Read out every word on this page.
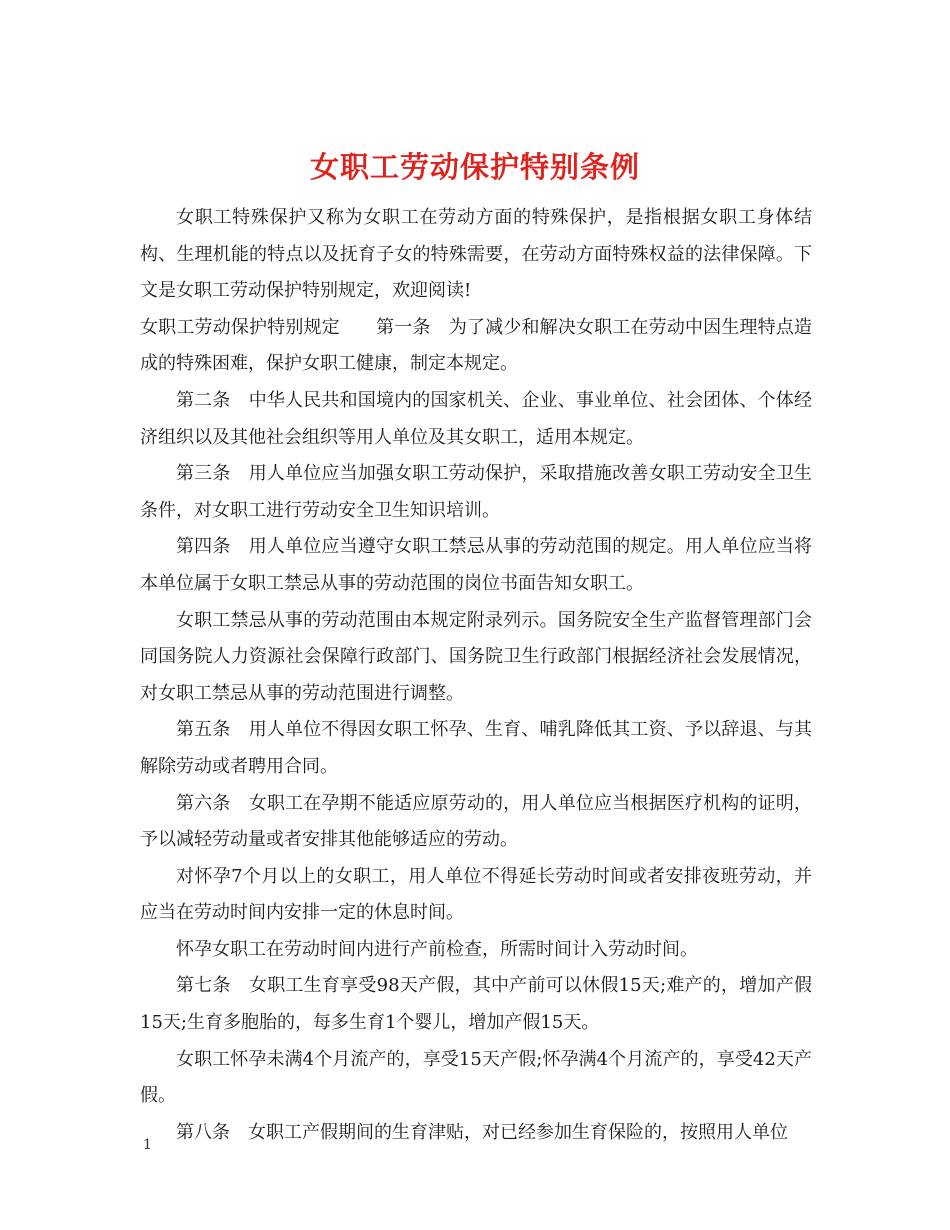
女职工劳动保护特别条例

女职工特殊保护又称为女职工在劳动方面的特殊保护，是指根据女职工身体结构、生理机能的特点以及抚育子女的特殊需要，在劳动方面特殊权益的法律保障。下文是女职工劳动保护特别规定，欢迎阅读!

女职工劳动保护特别规定　　第一条　为了减少和解决女职工在劳动中因生理特点造成的特殊困难，保护女职工健康，制定本规定。

第二条　中华人民共和国境内的国家机关、企业、事业单位、社会团体、个体经济组织以及其他社会组织等用人单位及其女职工，适用本规定。

第三条　用人单位应当加强女职工劳动保护，采取措施改善女职工劳动安全卫生条件，对女职工进行劳动安全卫生知识培训。

第四条　用人单位应当遵守女职工禁忌从事的劳动范围的规定。用人单位应当将本单位属于女职工禁忌从事的劳动范围的岗位书面告知女职工。

女职工禁忌从事的劳动范围由本规定附录列示。国务院安全生产监督管理部门会同国务院人力资源社会保障行政部门、国务院卫生行政部门根据经济社会发展情况，对女职工禁忌从事的劳动范围进行调整。

第五条　用人单位不得因女职工怀孕、生育、哺乳降低其工资、予以辞退、与其解除劳动或者聘用合同。

第六条　女职工在孕期不能适应原劳动的，用人单位应当根据医疗机构的证明，予以减轻劳动量或者安排其他能够适应的劳动。

对怀孕7个月以上的女职工，用人单位不得延长劳动时间或者安排夜班劳动，并应当在劳动时间内安排一定的休息时间。

怀孕女职工在劳动时间内进行产前检查，所需时间计入劳动时间。

第七条　女职工生育享受98天产假，其中产前可以休假15天;难产的，增加产假15天;生育多胞胎的，每多生育1个婴儿，增加产假15天。

女职工怀孕未满4个月流产的，享受15天产假;怀孕满4个月流产的，享受42天产假。

第八条　女职工产假期间的生育津贴，对已经参加生育保险的，按照用人单位

1
